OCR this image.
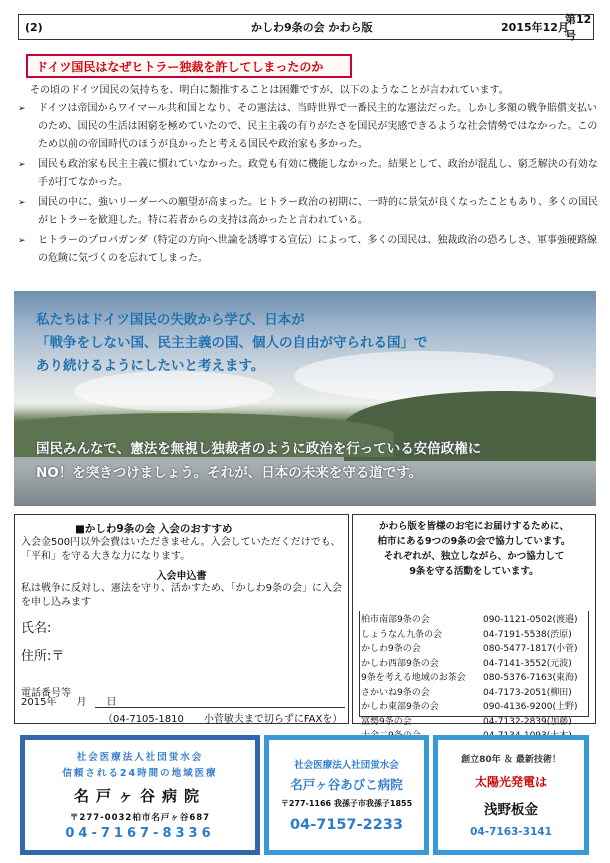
(2)	かしわ9条の会 かわら版	2015年12月
第12号
ドイツ国民はなぜヒトラー独裁を許してしまったのか

その頃のドイツ国民の気持ちを、明白に類推することは困難ですが、以下のようなことが言われています。

➢	ドイツは帝国からワイマール共和国となり、その憲法は、当時世界で一番民主的な憲法だった。しかし多額の戦争賠償支払いのため、国民の生活は困窮を極めていたので、民主主義の有りがたさを国民が実感できるような社会情勢ではなかった。このため以前の帝国時代のほうが良かったと考える国民や政治家も多かった。
➢	国民も政治家も民主主義に慣れていなかった。政党も有効に機能しなかった。結果として、政治が混乱し、窮乏解決の有効な手が打てなかった。
➢	国民の中に、強いリーダーへの願望が高まった。ヒトラー政治の初期に、一時的に景気が良くなったこともあり、多くの国民がヒトラーを歓迎した。特に若者からの支持は高かったと言われている。
➢	ヒトラーのプロパガンダ（特定の方向へ世論を誘導する宣伝）によって、多くの国民は、独裁政治の恐ろしさ、軍事強硬路線の危険に気づくのを忘れてしまった。
私たちはドイツ国民の失敗から学び、日本が
「戦争をしない国、民主主義の国、個人の自由が守られる国」で
あり続けるようにしたいと考えます。
国民みんなで、憲法を無視し独裁者のように政治を行っている安倍政権に
NO！を突きつけましょう。それが、日本の未来を守る道です。
■かしわ9条の会 入会のおすすめ
入会金500円以外会費はいただきません。入会していただくだけでも、「平和」を守る大きな力になります。
入会申込書
私は戦争に反対し、憲法を守り、活かすため、「かしわ9条の会」に入会を申し込みます
氏名:
住所:〒
電話番号等
2015年　　月　　日
（04-7105-1810　　小菅敏夫まで切らずにFAXを）
かわら版を皆様のお宅にお届けするために、
柏市にある9つの9条の会で協力しています。
それぞれが、独立しながら、かつ協力して
9条を守る活動をしています。
柏市南部9条の会	090-1121-0502(渡邉)
しょうなん九条の会	04-7191-5538(渋原)
かしわ9条の会	080-5477-1817(小菅)
かしわ西部9条の会	04-7141-3552(元波)
9条を考える地域のお茶会	080-5376-7163(東海)
さかいね9条の会	04-7173-2051(柳田)
かしわ東部9条の会	090-4136-9200(上野)
富勢9条の会	04-7132-2839(加藤)
十余二9条の会	04-7134-1093(大木)
社会医療法人社団蛍水会
信頼される24時間の地域医療
名戸ヶ谷病院
〒277-0032柏市名戸ヶ谷687
04-7167-8336
社会医療法人社団蛍水会
名戸ヶ谷あびこ病院
〒277-1166 我孫子市我孫子1855
04-7157-2233
創立80年 ＆ 最新技術！
太陽光発電は
浅野板金
04-7163-3141
